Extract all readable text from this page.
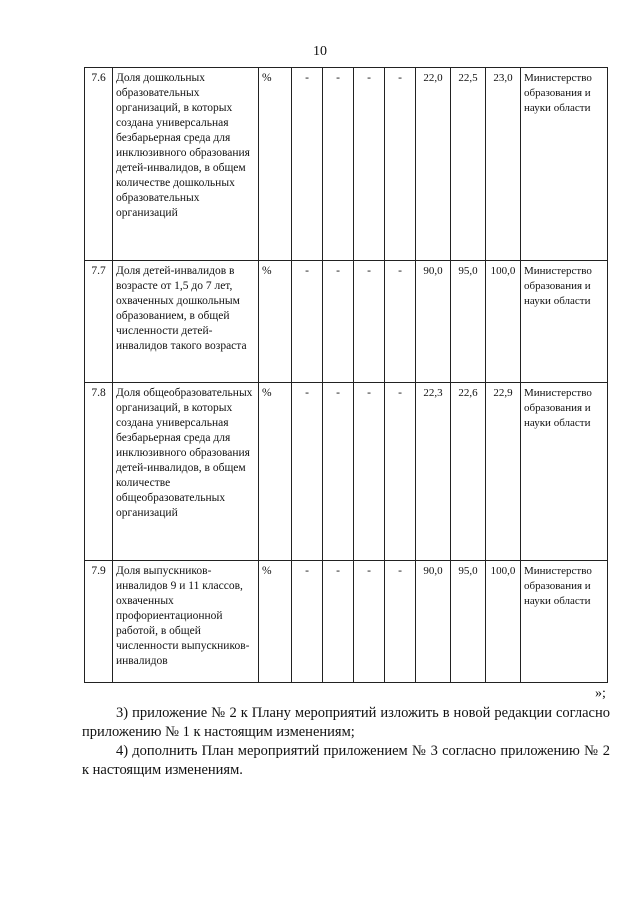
10
7.6	Доля дошкольных образовательных организаций, в которых создана универсальная безбарьерная среда для инклюзивного образования детей-инвалидов, в общем количестве дошкольных образовательных организаций	%	-	-	-	-	22,0	22,5	23,0	Министерство образования и науки области
7.7	Доля детей-инвалидов в возрасте от 1,5 до 7 лет, охваченных дошкольным образованием, в общей численности детей-инвалидов такого возраста	%	-	-	-	-	90,0	95,0	100,0	Министерство образования и науки области
7.8	Доля общеобразовательных организаций, в которых создана универсальная безбарьерная среда для инклюзивного образования детей-инвалидов, в общем количестве общеобразовательных организаций	%	-	-	-	-	22,3	22,6	22,9	Министерство образования и науки области
7.9	Доля выпускников-инвалидов 9 и 11 классов, охваченных профориентационной работой, в общей численности выпускников-инвалидов	%	-	-	-	-	90,0	95,0	100,0	Министерство образования и науки области
»;

3) приложение № 2 к Плану мероприятий изложить в новой редакции согласно приложению № 1 к настоящим изменениям;

4) дополнить План мероприятий приложением № 3 согласно приложению № 2 к настоящим изменениям.
